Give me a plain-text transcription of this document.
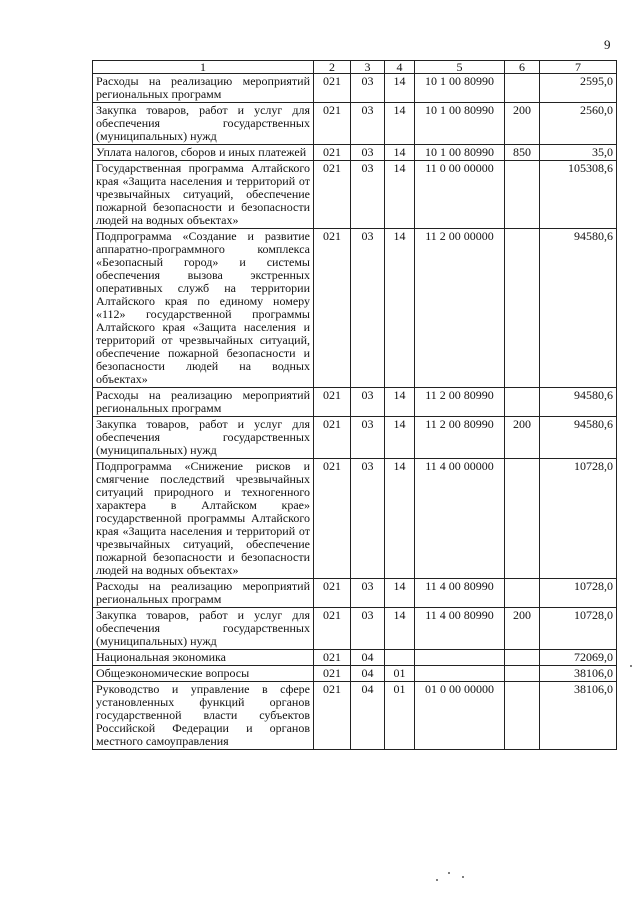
9
1	2	3	4	5	6	7
Расходы на реализацию мероприятий региональных программ	021	03	14	10 1 00 80990		2595,0
Закупка товаров, работ и услуг для обеспечения государственных (муниципальных) нужд	021	03	14	10 1 00 80990	200	2560,0
Уплата налогов, сборов и иных платежей	021	03	14	10 1 00 80990	850	35,0
Государственная программа Алтайского края «Защита населения и территорий от чрезвычайных ситуаций, обеспечение пожарной безопасности и безопасности людей на водных объектах»	021	03	14	11 0 00 00000		105308,6
Подпрограмма «Создание и развитие аппаратно-программного комплекса «Безопасный город» и системы обеспечения вызова экстренных оперативных служб на территории Алтайского края по единому номеру «112» государственной программы Алтайского края «Защита населения и территорий от чрезвычайных ситуаций, обеспечение пожарной безопасности и безопасности людей на водных объектах»	021	03	14	11 2 00 00000		94580,6
Расходы на реализацию мероприятий региональных программ	021	03	14	11 2 00 80990		94580,6
Закупка товаров, работ и услуг для обеспечения государственных (муниципальных) нужд	021	03	14	11 2 00 80990	200	94580,6
Подпрограмма «Снижение рисков и смягчение последствий чрезвычайных ситуаций природного и техногенного характера в Алтайском крае» государственной программы Алтайского края «Защита населения и территорий от чрезвычайных ситуаций, обеспечение пожарной безопасности и безопасности людей на водных объектах»	021	03	14	11 4 00 00000		10728,0
Расходы на реализацию мероприятий региональных программ	021	03	14	11 4 00 80990		10728,0
Закупка товаров, работ и услуг для обеспечения государственных (муниципальных) нужд	021	03	14	11 4 00 80990	200	10728,0
Национальная экономика	021	04				72069,0
Общеэкономические вопросы	021	04	01			38106,0
Руководство и управление в сфере установленных функций органов государственной власти субъектов Российской Федерации и органов местного самоуправления	021	04	01	01 0 00 00000		38106,0
